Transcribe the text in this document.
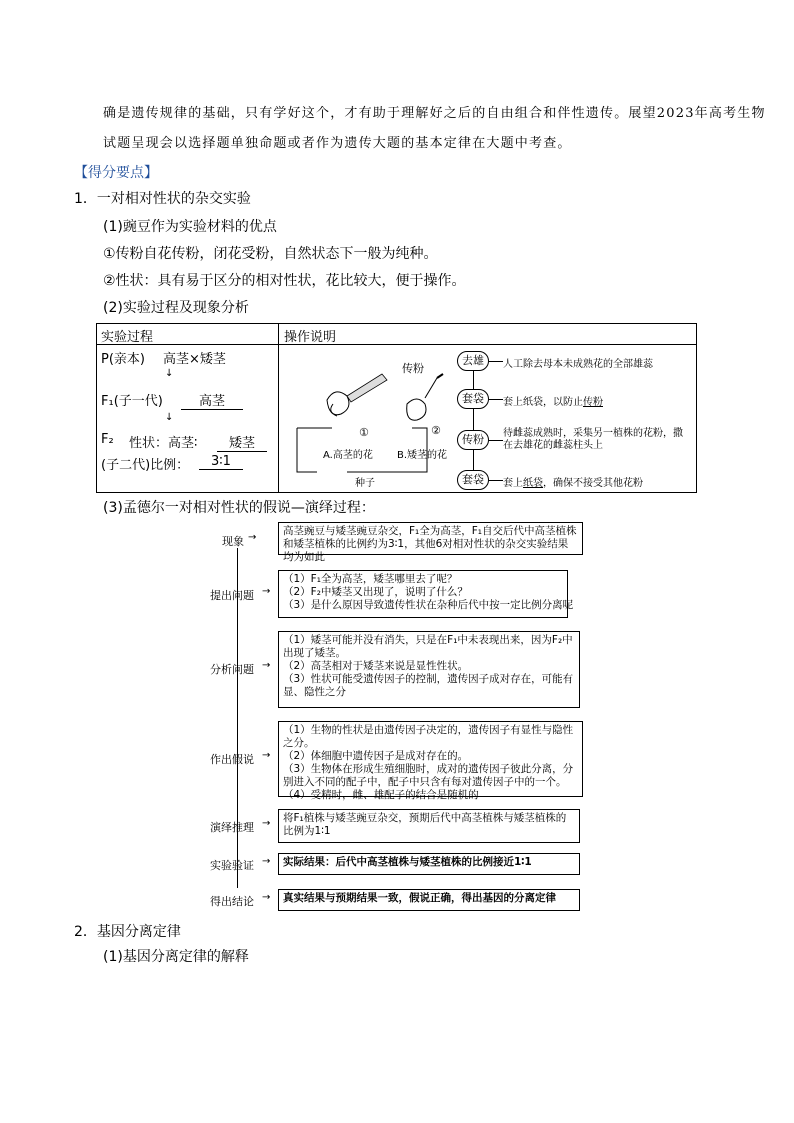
确是遗传规律的基础，只有学好这个，才有助于理解好之后的自由组合和伴性遗传。展望2023年高考生物
试题呈现会以选择题单独命题或者作为遗传大题的基本定律在大题中考查。
【得分要点】
1．一对相对性状的杂交实验
(1)豌豆作为实验材料的优点
①传粉自花传粉，闭花受粉，自然状态下一般为纯种。
②性状：具有易于区分的相对性状，花比较大，便于操作。
(2)实验过程及现象分析
实验过程	操作说明
P(亲本) 高茎×矮茎
↓
F₁(子一代)	高茎
↓
F₂ 性状：高茎∶	矮茎
(子二代)比例：	3∶1
传粉
①	②
A.高茎的花 B.矮茎的花
种子
去雄	人工除去母本未成熟花的全部雄蕊
套袋	套上纸袋，以防止传粉
传粉	待雌蕊成熟时，采集另一植株的花粉，撒在去雄花的雌蕊柱头上
套袋	套上纸袋，确保不接受其他花粉
(3)孟德尔一对相对性状的假说—演绎过程：
现象
提出问题
分析问题
作出假说
演绎推理
实验验证
得出结论
→
→
→
→
→
→
→
高茎豌豆与矮茎豌豆杂交，F₁全为高茎，F₁自交后代中高茎植株和矮茎植株的比例约为3∶1，其他6对相对性状的杂交实验结果均为如此
（1）F₁全为高茎，矮茎哪里去了呢？
（2）F₂中矮茎又出现了，说明了什么？
（3）是什么原因导致遗传性状在杂种后代中按一定比例分离呢
（1）矮茎可能并没有消失，只是在F₁中未表现出来，因为F₂中出现了矮茎。
（2）高茎相对于矮茎来说是显性性状。
（3）性状可能受遗传因子的控制，遗传因子成对存在，可能有显、隐性之分
（1）生物的性状是由遗传因子决定的，遗传因子有显性与隐性之分。
（2）体细胞中遗传因子是成对存在的。
（3）生物体在形成生殖细胞时，成对的遗传因子彼此分离，分别进入不同的配子中，配子中只含有每对遗传因子中的一个。
（4）受精时，雌、雄配子的结合是随机的
将F₁植株与矮茎豌豆杂交，预期后代中高茎植株与矮茎植株的比例为1∶1
实际结果：后代中高茎植株与矮茎植株的比例接近1∶1
真实结果与预期结果一致，假说正确，得出基因的分离定律
2．基因分离定律
(1)基因分离定律的解释
